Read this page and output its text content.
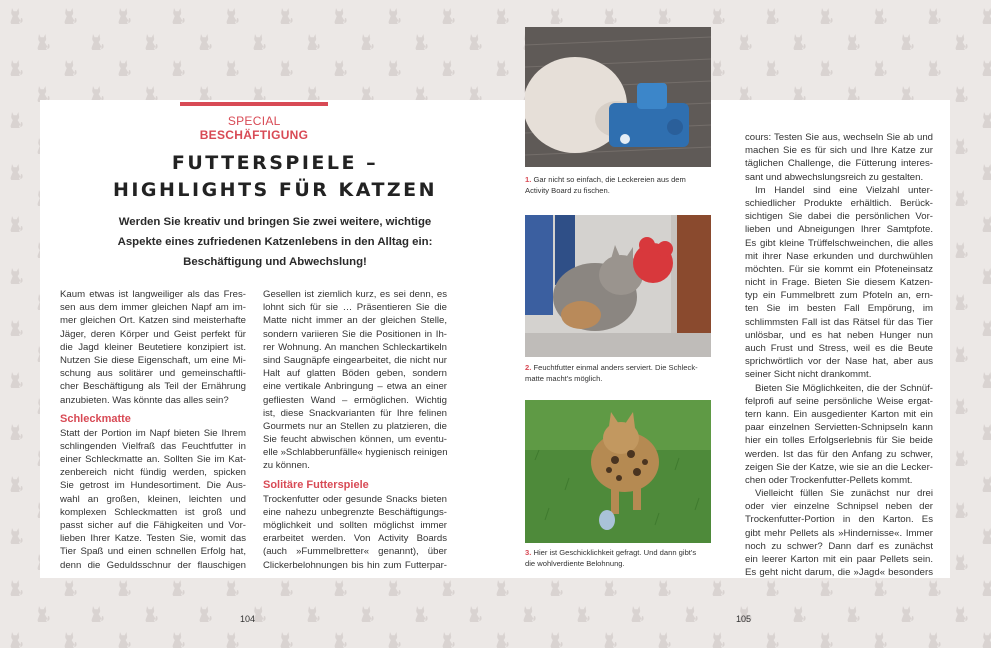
SPECIAL BESCHÄFTIGUNG
FUTTERSPIELE –
HIGHLIGHTS FÜR KATZEN
Werden Sie kreativ und bringen Sie zwei weitere, wichtige
Aspekte eines zufriedenen Katzenlebens in den Alltag ein:
Beschäftigung und Abwechslung!
Kaum etwas ist langweiliger als das Fres-
sen aus dem immer gleichen Napf am im-
mer gleichen Ort. Katzen sind meisterhafte
Jäger, deren Körper und Geist perfekt für
die Jagd kleiner Beutetiere konzipiert ist.
Nutzen Sie diese Eigenschaft, um eine Mi-
schung aus solitärer und gemeinschaftli-
cher Beschäftigung als Teil der Ernährung
anzubieten. Was könnte das alles sein?
Schleckmatte
Statt der Portion im Napf bieten Sie Ihrem
schlingenden Vielfraß das Feuchtfutter in
einer Schleckmatte an. Sollten Sie im Kat-
zenbereich nicht fündig werden, spicken
Sie getrost im Hundesortiment. Die Aus-
wahl an großen, kleinen, leichten und
komplexen Schleckmatten ist groß und
passt sicher auf die Fähigkeiten und Vor-
lieben Ihrer Katze. Testen Sie, womit das
Tier Spaß und einen schnellen Erfolg hat,
denn die Geduldsschnur der flauschigen
Gesellen ist ziemlich kurz, es sei denn, es
lohnt sich für sie … Präsentieren Sie die
Matte nicht immer an der gleichen Stelle,
sondern variieren Sie die Positionen in Ih-
rer Wohnung. An manchen Schleckartikeln
sind Saugnäpfe eingearbeitet, die nicht nur
Halt auf glatten Böden geben, sondern
eine vertikale Anbringung – etwa an einer
gefliesten Wand – ermöglichen. Wichtig
ist, diese Snackvarianten für Ihre felinen
Gourmets nur an Stellen zu platzieren, die
Sie feucht abwischen können, um eventu-
elle »Schlabberunfälle« hygienisch reinigen
zu können.
Solitäre Futterspiele
Trockenfutter oder gesunde Snacks bieten
eine nahezu unbegrenzte Beschäftigungs-
möglichkeit und sollten möglichst immer
erarbeitet werden. Von Activity Boards
(auch »Fummelbretter« genannt), über
Clickerbelohnungen bis hin zum Futterpar-
cours: Testen Sie aus, wechseln Sie ab und
machen Sie es für sich und Ihre Katze zur
täglichen Challenge, die Fütterung interes-
sant und abwechslungsreich zu gestalten.
Im Handel sind eine Vielzahl unter-
schiedlicher Produkte erhältlich. Berück-
sichtigen Sie dabei die persönlichen Vor-
lieben und Abneigungen Ihrer Samtpfote.
Es gibt kleine Trüffelschweinchen, die alles
mit ihrer Nase erkunden und durchwühlen
möchten. Für sie kommt ein Pfoteneinsatz
nicht in Frage. Bieten Sie diesem Katzen-
typ ein Fummelbrett zum Pfoteln an, ern-
ten Sie im besten Fall Empörung, im
schlimmsten Fall ist das Rätsel für das Tier
unlösbar, und es hat neben Hunger nun
auch Frust und Stress, weil es die Beute
sprichwörtlich vor der Nase hat, aber aus
seiner Sicht nicht drankommt.
Bieten Sie Möglichkeiten, die der Schnüf-
felprofi auf seine persönliche Weise ergat-
tern kann. Ein ausgedienter Karton mit ein
paar einzelnen Servietten-Schnipseln kann
hier ein tolles Erfolgserlebnis für Sie beide
werden. Ist das für den Anfang zu schwer,
zeigen Sie der Katze, wie sie an die Lecker-
chen oder Trockenfutter-Pellets kommt.
Vielleicht füllen Sie zunächst nur drei
oder vier einzelne Schnipsel neben der
Trockenfutter-Portion in den Karton. Es
gibt mehr Pellets als »Hindernisse«. Immer
noch zu schwer? Dann darf es zunächst
ein leerer Karton mit ein paar Pellets sein.
Es geht nicht darum, die »Jagd« besonders
1. Gar nicht so einfach, die Leckereien aus dem
Activity Board zu fischen.
2. Feuchtfutter einmal anders serviert. Die Schleck-
matte macht's möglich.
3. Hier ist Geschicklichkeit gefragt. Und dann gibt's
die wohlverdiente Belohnung.
104	105
